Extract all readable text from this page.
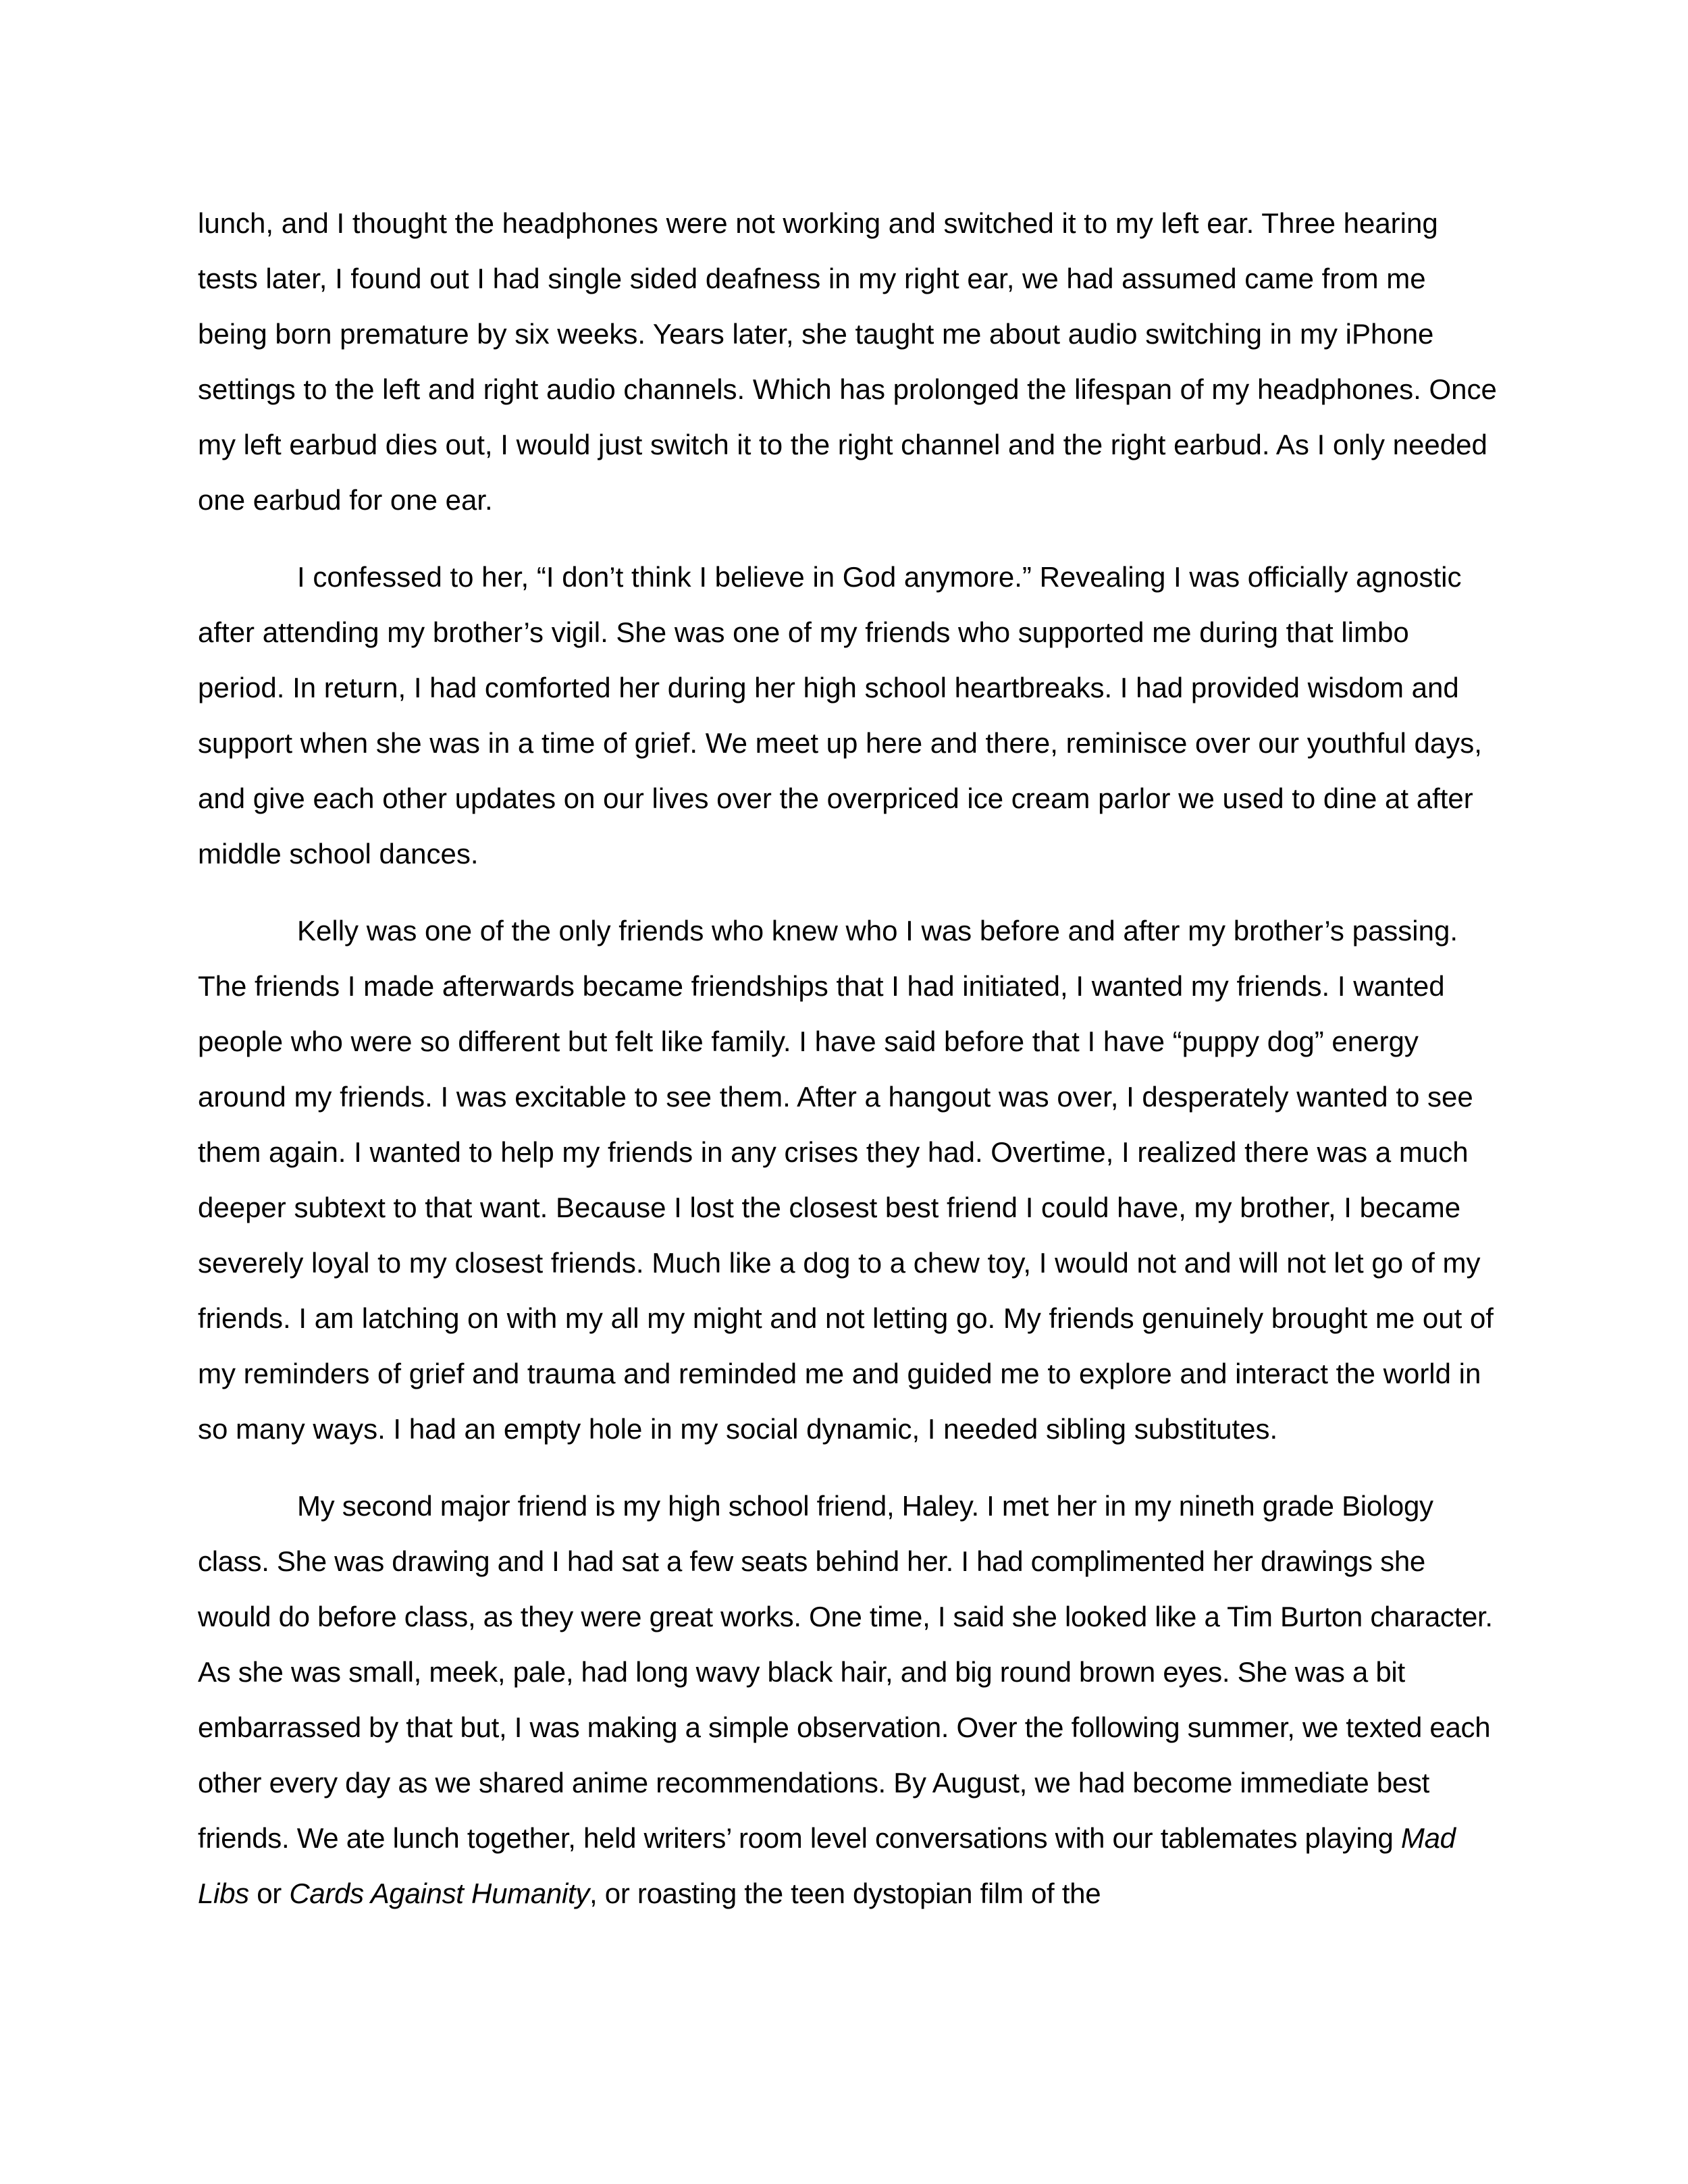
lunch, and I thought the headphones were not working and switched it to my left ear. Three hearing tests later, I found out I had single sided deafness in my right ear, we had assumed came from me being born premature by six weeks. Years later, she taught me about audio switching in my iPhone settings to the left and right audio channels. Which has prolonged the lifespan of my headphones. Once my left earbud dies out, I would just switch it to the right channel and the right earbud. As I only needed one earbud for one ear.

I confessed to her, “I don’t think I believe in God anymore.” Revealing I was officially agnostic after attending my brother’s vigil. She was one of my friends who supported me during that limbo period. In return, I had comforted her during her high school heartbreaks. I had provided wisdom and support when she was in a time of grief. We meet up here and there, reminisce over our youthful days, and give each other updates on our lives over the overpriced ice cream parlor we used to dine at after middle school dances.

Kelly was one of the only friends who knew who I was before and after my brother’s passing. The friends I made afterwards became friendships that I had initiated, I wanted my friends. I wanted people who were so different but felt like family. I have said before that I have “puppy dog” energy around my friends. I was excitable to see them. After a hangout was over, I desperately wanted to see them again. I wanted to help my friends in any crises they had. Overtime, I realized there was a much deeper subtext to that want. Because I lost the closest best friend I could have, my brother, I became severely loyal to my closest friends. Much like a dog to a chew toy, I would not and will not let go of my friends. I am latching on with my all my might and not letting go. My friends genuinely brought me out of my reminders of grief and trauma and reminded me and guided me to explore and interact the world in so many ways. I had an empty hole in my social dynamic, I needed sibling substitutes.

My second major friend is my high school friend, Haley. I met her in my nineth grade Biology class. She was drawing and I had sat a few seats behind her. I had complimented her drawings she would do before class, as they were great works. One time, I said she looked like a Tim Burton character. As she was small, meek, pale, had long wavy black hair, and big round brown eyes. She was a bit embarrassed by that but, I was making a simple observation. Over the following summer, we texted each other every day as we shared anime recommendations. By August, we had become immediate best friends. We ate lunch together, held writers’ room level conversations with our tablemates playing Mad Libs or Cards Against Humanity, or roasting the teen dystopian film of the
